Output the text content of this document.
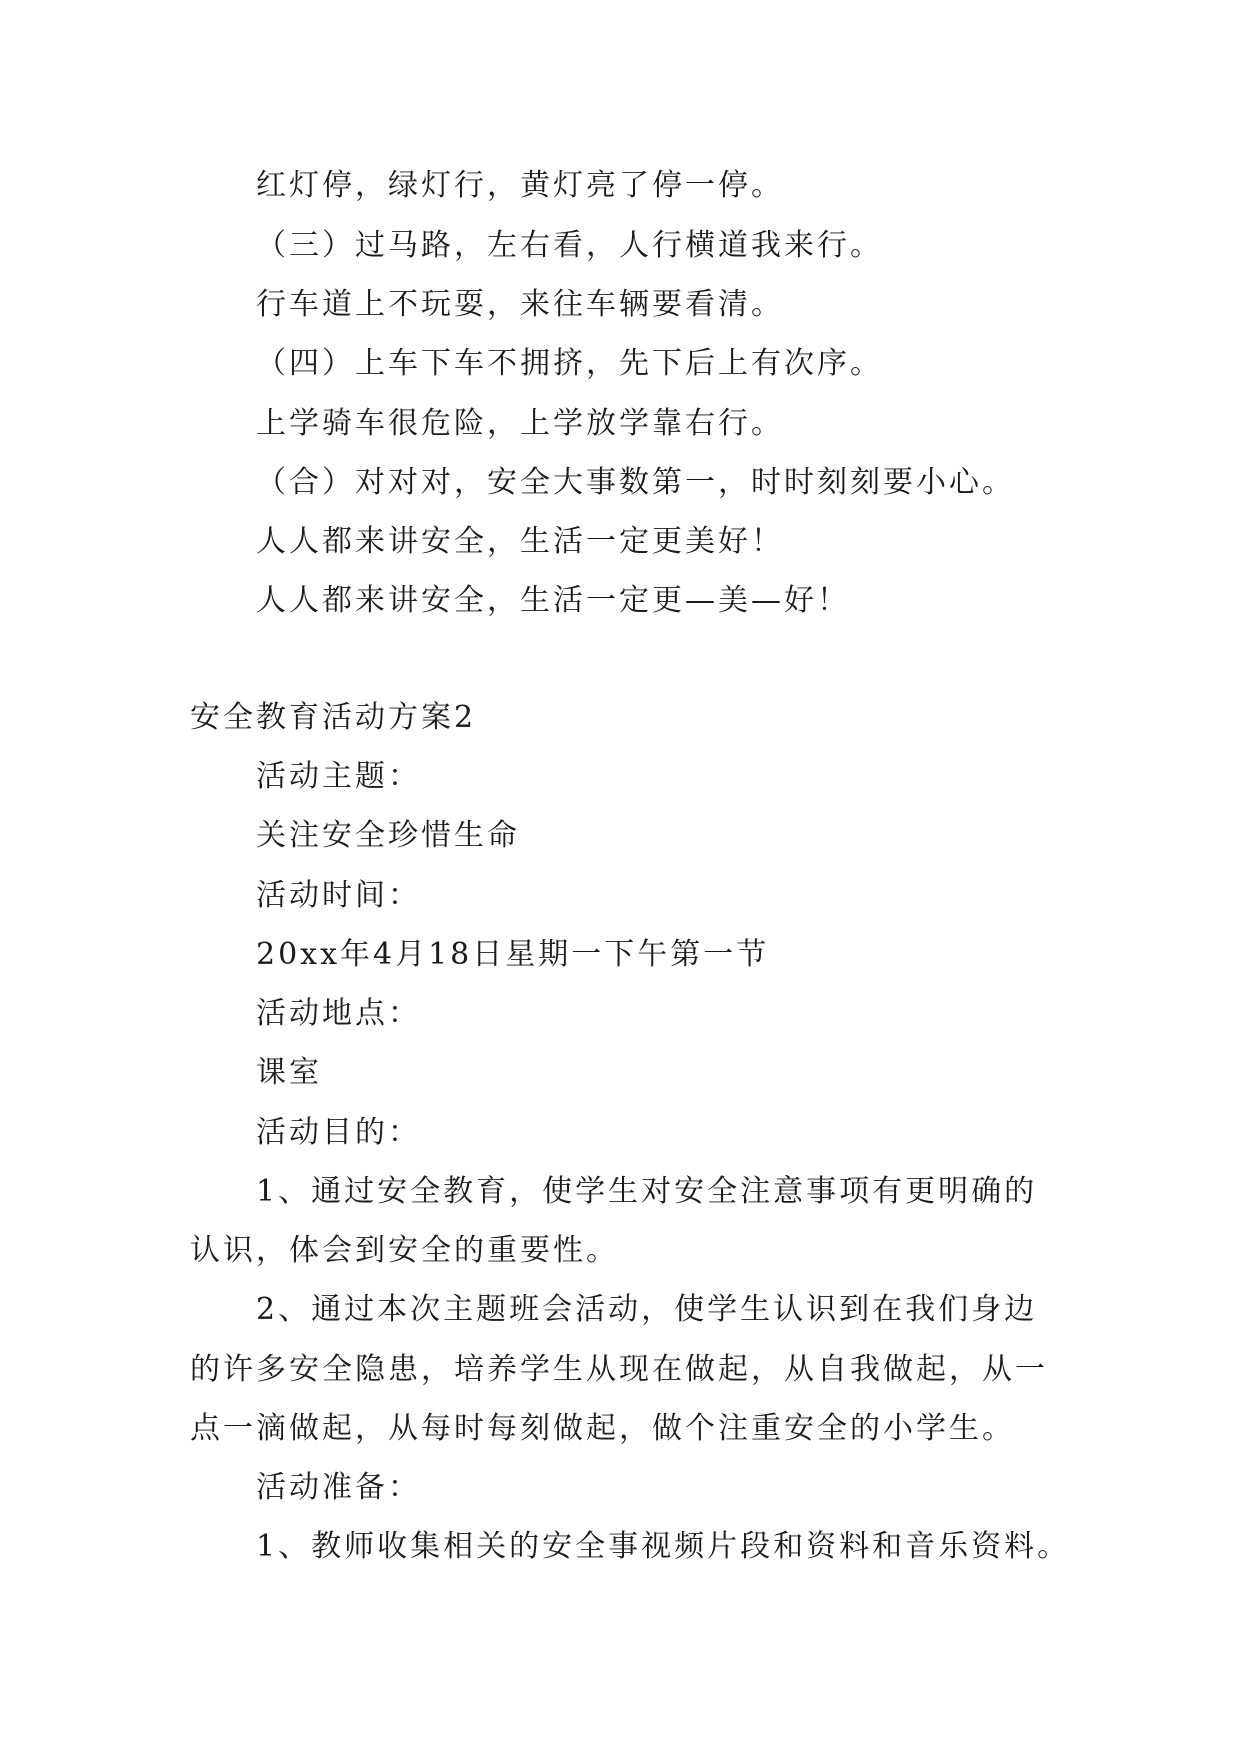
红灯停，绿灯行，黄灯亮了停一停。
（三）过马路，左右看，人行横道我来行。
行车道上不玩耍，来往车辆要看清。
（四）上车下车不拥挤，先下后上有次序。
上学骑车很危险，上学放学靠右行。
（合）对对对，安全大事数第一，时时刻刻要小心。
人人都来讲安全，生活一定更美好！
人人都来讲安全，生活一定更—美—好！
安全教育活动方案2
活动主题：
关注安全珍惜生命
活动时间：
20xx年4月18日星期一下午第一节
活动地点：
课室
活动目的：
1、通过安全教育，使学生对安全注意事项有更明确的
认识，体会到安全的重要性。
2、通过本次主题班会活动，使学生认识到在我们身边
的许多安全隐患，培养学生从现在做起，从自我做起，从一
点一滴做起，从每时每刻做起，做个注重安全的小学生。
活动准备：
1、教师收集相关的安全事视频片段和资料和音乐资料。
